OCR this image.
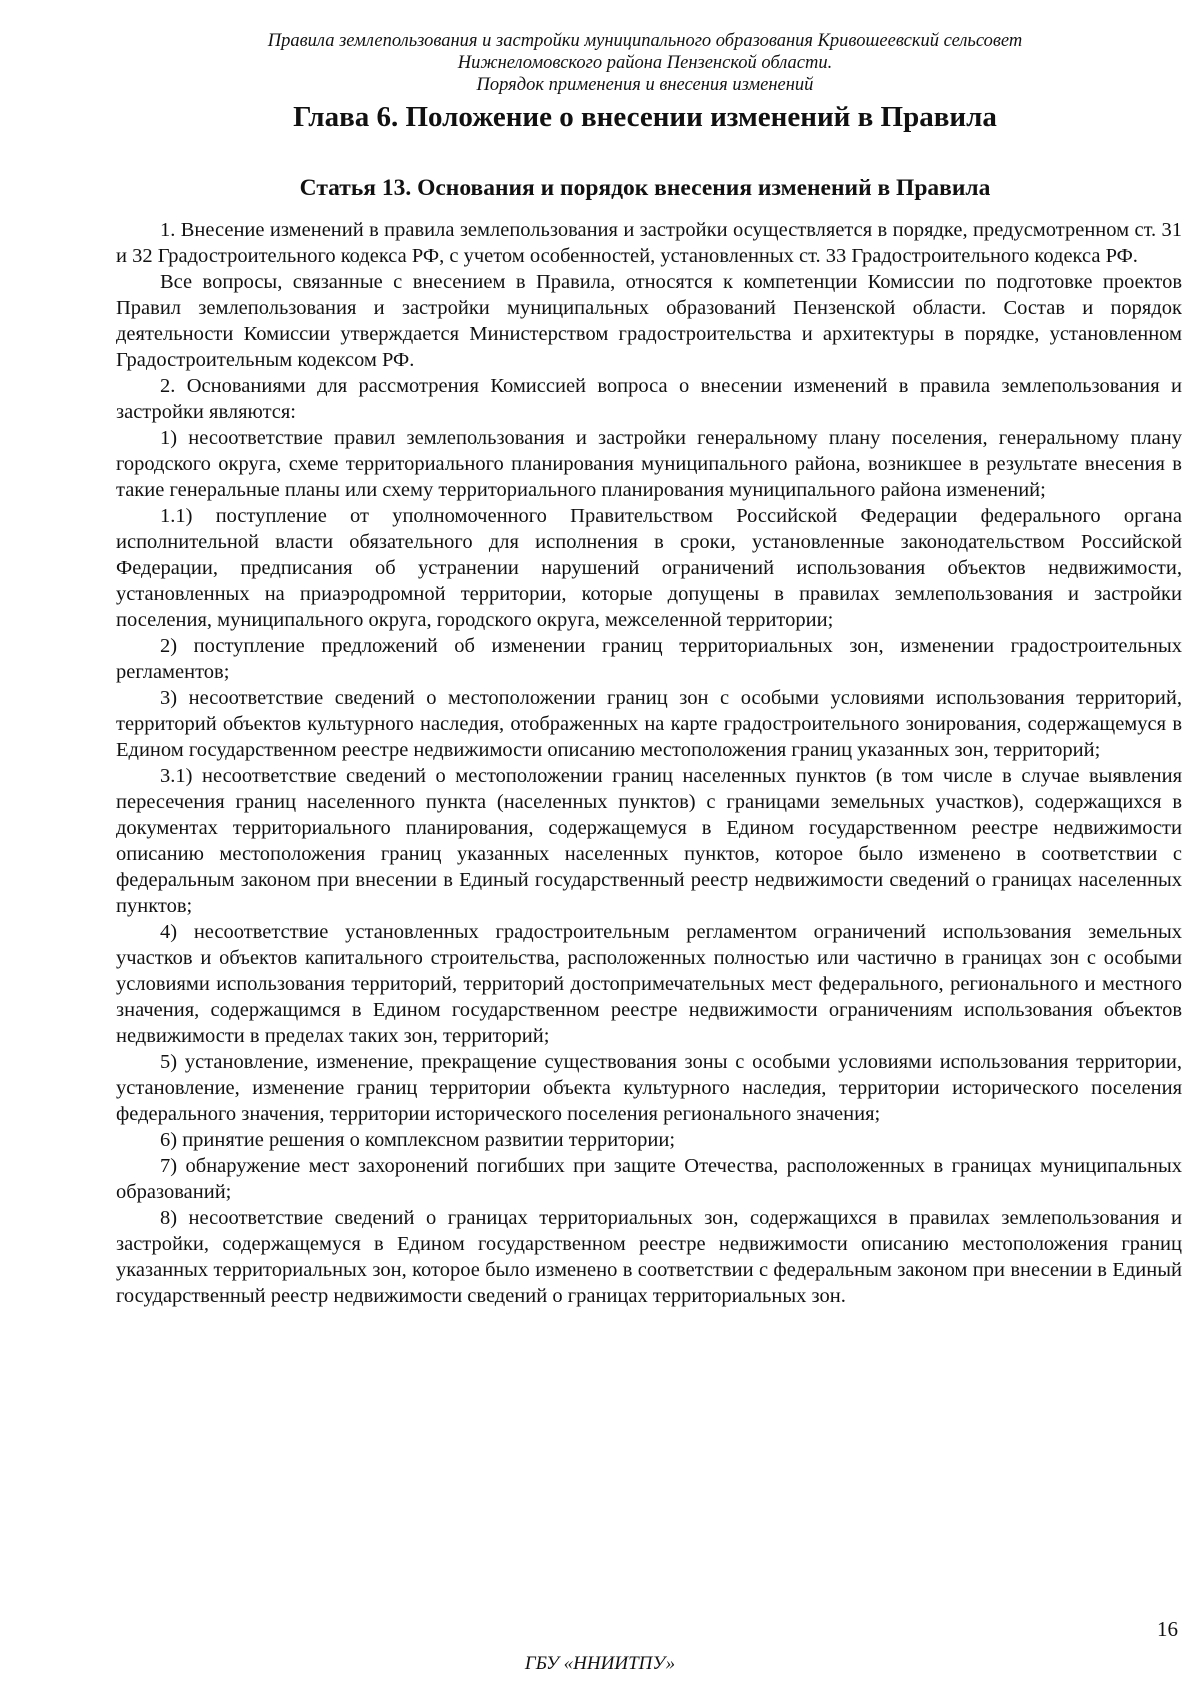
Правила землепользования и застройки муниципального образования Кривошеевский сельсовет
Нижнеломовского района Пензенской области.
Порядок применения и внесения изменений
Глава 6. Положение о внесении изменений в Правила
Статья 13. Основания и порядок внесения изменений в Правила

1. Внесение изменений в правила землепользования и застройки осуществляется в порядке, предусмотренном ст. 31 и 32 Градостроительного кодекса РФ, с учетом особенностей, установленных ст. 33 Градостроительного кодекса РФ.

Все вопросы, связанные с внесением в Правила, относятся к компетенции Комиссии по подготовке проектов Правил землепользования и застройки муниципальных образований Пензенской области. Состав и порядок деятельности Комиссии утверждается Министерством градостроительства и архитектуры в порядке, установленном Градостроительным кодексом РФ.

2. Основаниями для рассмотрения Комиссией вопроса о внесении изменений в правила землепользования и застройки являются:

1) несоответствие правил землепользования и застройки генеральному плану поселения, генеральному плану городского округа, схеме территориального планирования муниципального района, возникшее в результате внесения в такие генеральные планы или схему территориального планирования муниципального района изменений;

1.1) поступление от уполномоченного Правительством Российской Федерации федерального органа исполнительной власти обязательного для исполнения в сроки, установленные законодательством Российской Федерации, предписания об устранении нарушений ограничений использования объектов недвижимости, установленных на приаэродромной территории, которые допущены в правилах землепользования и застройки поселения, муниципального округа, городского округа, межселенной территории;

2) поступление предложений об изменении границ территориальных зон, изменении градостроительных регламентов;

3) несоответствие сведений о местоположении границ зон с особыми условиями использования территорий, территорий объектов культурного наследия, отображенных на карте градостроительного зонирования, содержащемуся в Едином государственном реестре недвижимости описанию местоположения границ указанных зон, территорий;

3.1) несоответствие сведений о местоположении границ населенных пунктов (в том числе в случае выявления пересечения границ населенного пункта (населенных пунктов) с границами земельных участков), содержащихся в документах территориального планирования, содержащемуся в Едином государственном реестре недвижимости описанию местоположения границ указанных населенных пунктов, которое было изменено в соответствии с федеральным законом при внесении в Единый государственный реестр недвижимости сведений о границах населенных пунктов;

4) несоответствие установленных градостроительным регламентом ограничений использования земельных участков и объектов капитального строительства, расположенных полностью или частично в границах зон с особыми условиями использования территорий, территорий достопримечательных мест федерального, регионального и местного значения, содержащимся в Едином государственном реестре недвижимости ограничениям использования объектов недвижимости в пределах таких зон, территорий;

5) установление, изменение, прекращение существования зоны с особыми условиями использования территории, установление, изменение границ территории объекта культурного наследия, территории исторического поселения федерального значения, территории исторического поселения регионального значения;

6) принятие решения о комплексном развитии территории;

7) обнаружение мест захоронений погибших при защите Отечества, расположенных в границах муниципальных образований;

8) несоответствие сведений о границах территориальных зон, содержащихся в правилах землепользования и застройки, содержащемуся в Едином государственном реестре недвижимости описанию местоположения границ указанных территориальных зон, которое было изменено в соответствии с федеральным законом при внесении в Единый государственный реестр недвижимости сведений о границах территориальных зон.

16
ГБУ «ННИИТПУ»
